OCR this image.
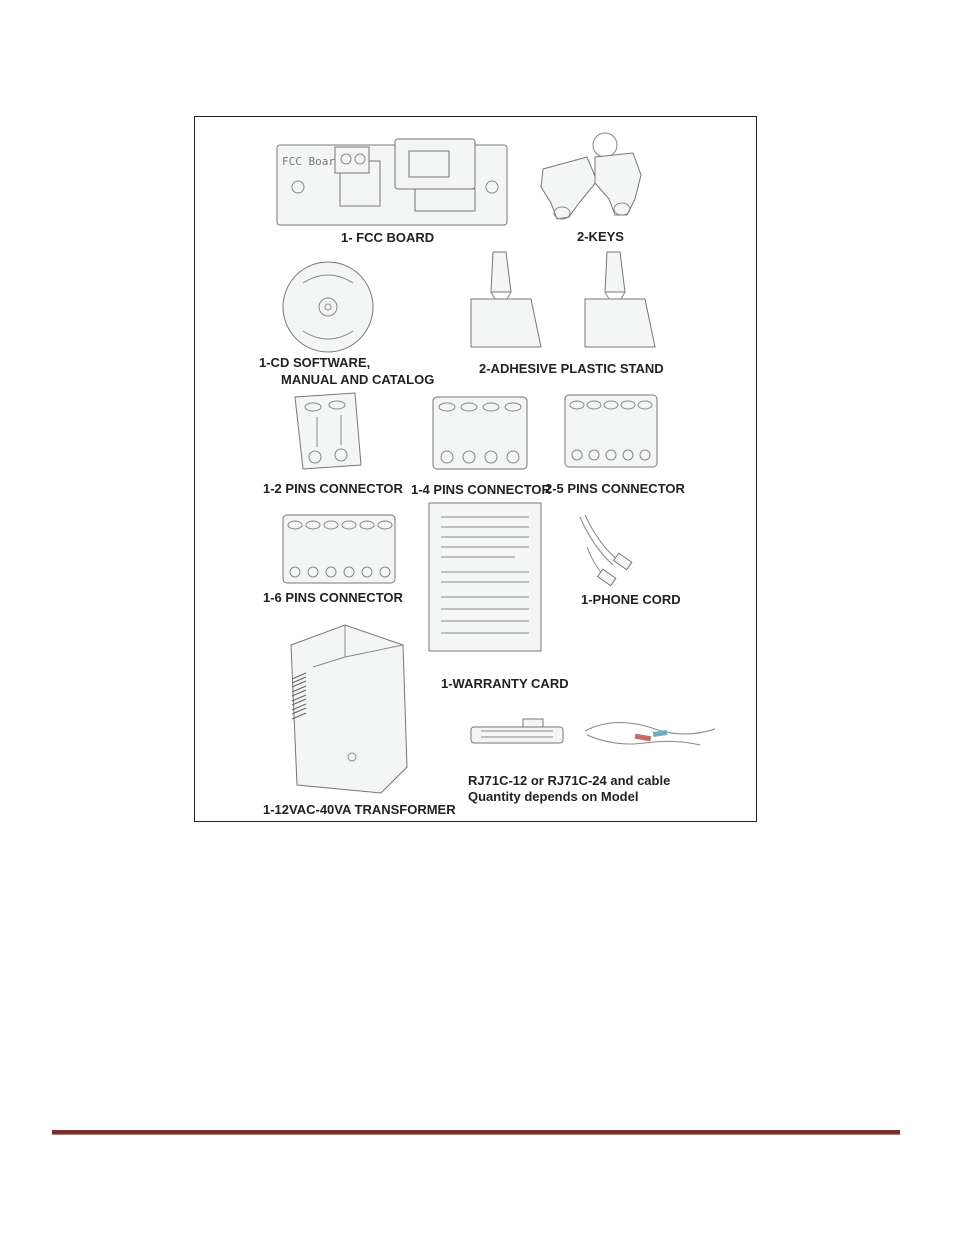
FCC Boar
1- FCC BOARD	2-KEYS
1-CD SOFTWARE,
MANUAL AND CATALOG
2-ADHESIVE PLASTIC STAND
1-2 PINS CONNECTOR 1-4 PINS CONNECTOR
2-5 PINS CONNECTOR
1-6 PINS CONNECTOR	1-PHONE CORD
1-WARRANTY CARD
1-12VAC-40VA TRANSFORMER
RJ71C-12 or RJ71C-24 and cable
Quantity depends on Model
